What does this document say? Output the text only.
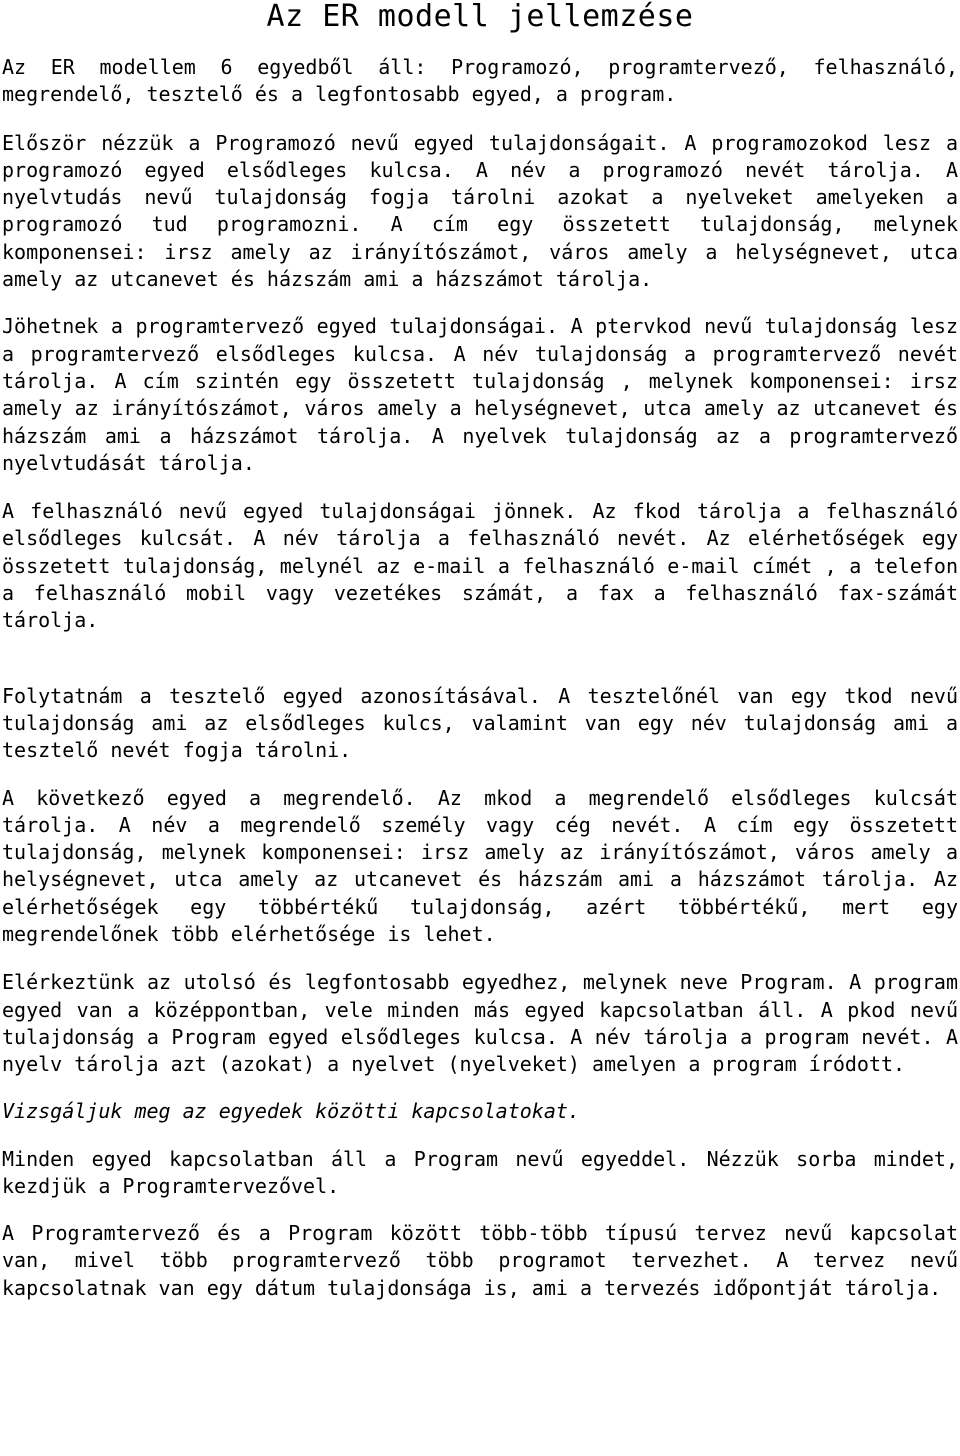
Az ER modell jellemzése

Az ER modellem 6 egyedből áll: Programozó, programtervező, felhasználó, megrendelő, tesztelő és a legfontosabb egyed, a program.

Először nézzük a Programozó nevű egyed tulajdonságait. A programozokod lesz a programozó egyed elsődleges kulcsa. A név a programozó nevét tárolja. A nyelvtudás nevű tulajdonság fogja tárolni azokat a nyelveket amelyeken a programozó tud programozni. A cím egy összetett tulajdonság, melynek komponensei: irsz amely az irányítószámot, város amely a helységnevet, utca amely az utcanevet és házszám ami a házszámot tárolja.

Jöhetnek a programtervező egyed tulajdonságai. A ptervkod nevű tulajdonság lesz a programtervező elsődleges kulcsa. A név tulajdonság a programtervező nevét tárolja. A cím szintén egy összetett tulajdonság , melynek komponensei: irsz amely az irányítószámot, város amely a helységnevet, utca amely az utcanevet és házszám ami a házszámot tárolja. A nyelvek tulajdonság az a programtervező nyelvtudását tárolja.

A felhasználó nevű egyed tulajdonságai jönnek. Az fkod tárolja a felhasználó elsődleges kulcsát. A név tárolja a felhasználó nevét. Az elérhetőségek egy összetett tulajdonság, melynél az e-mail a felhasználó e-mail címét , a telefon a felhasználó mobil vagy vezetékes számát, a fax a felhasználó fax-számát tárolja.

Folytatnám a tesztelő egyed azonosításával. A tesztelőnél van egy tkod nevű tulajdonság ami az elsődleges kulcs, valamint van egy név tulajdonság ami a tesztelő nevét fogja tárolni.

A következő egyed a megrendelő. Az mkod a megrendelő elsődleges kulcsát tárolja. A név a megrendelő személy vagy cég nevét. A cím egy összetett tulajdonság, melynek komponensei: irsz amely az irányítószámot, város amely a helységnevet, utca amely az utcanevet és házszám ami a házszámot tárolja. Az elérhetőségek egy többértékű tulajdonság, azért többértékű, mert egy megrendelőnek több elérhetősége is lehet.

Elérkeztünk az utolsó és legfontosabb egyedhez, melynek neve Program. A program egyed van a középpontban, vele minden más egyed kapcsolatban áll. A pkod nevű tulajdonság a Program egyed elsődleges kulcsa. A név tárolja a program nevét. A nyelv tárolja azt (azokat) a nyelvet (nyelveket) amelyen a program íródott.

Vizsgáljuk meg az egyedek közötti kapcsolatokat.

Minden egyed kapcsolatban áll a Program nevű egyeddel. Nézzük sorba mindet, kezdjük a Programtervezővel.

A Programtervező és a Program között több-több típusú tervez nevű kapcsolat van, mivel több programtervező több programot tervezhet. A tervez nevű kapcsolatnak van egy dátum tulajdonsága is, ami a tervezés időpontját tárolja.
